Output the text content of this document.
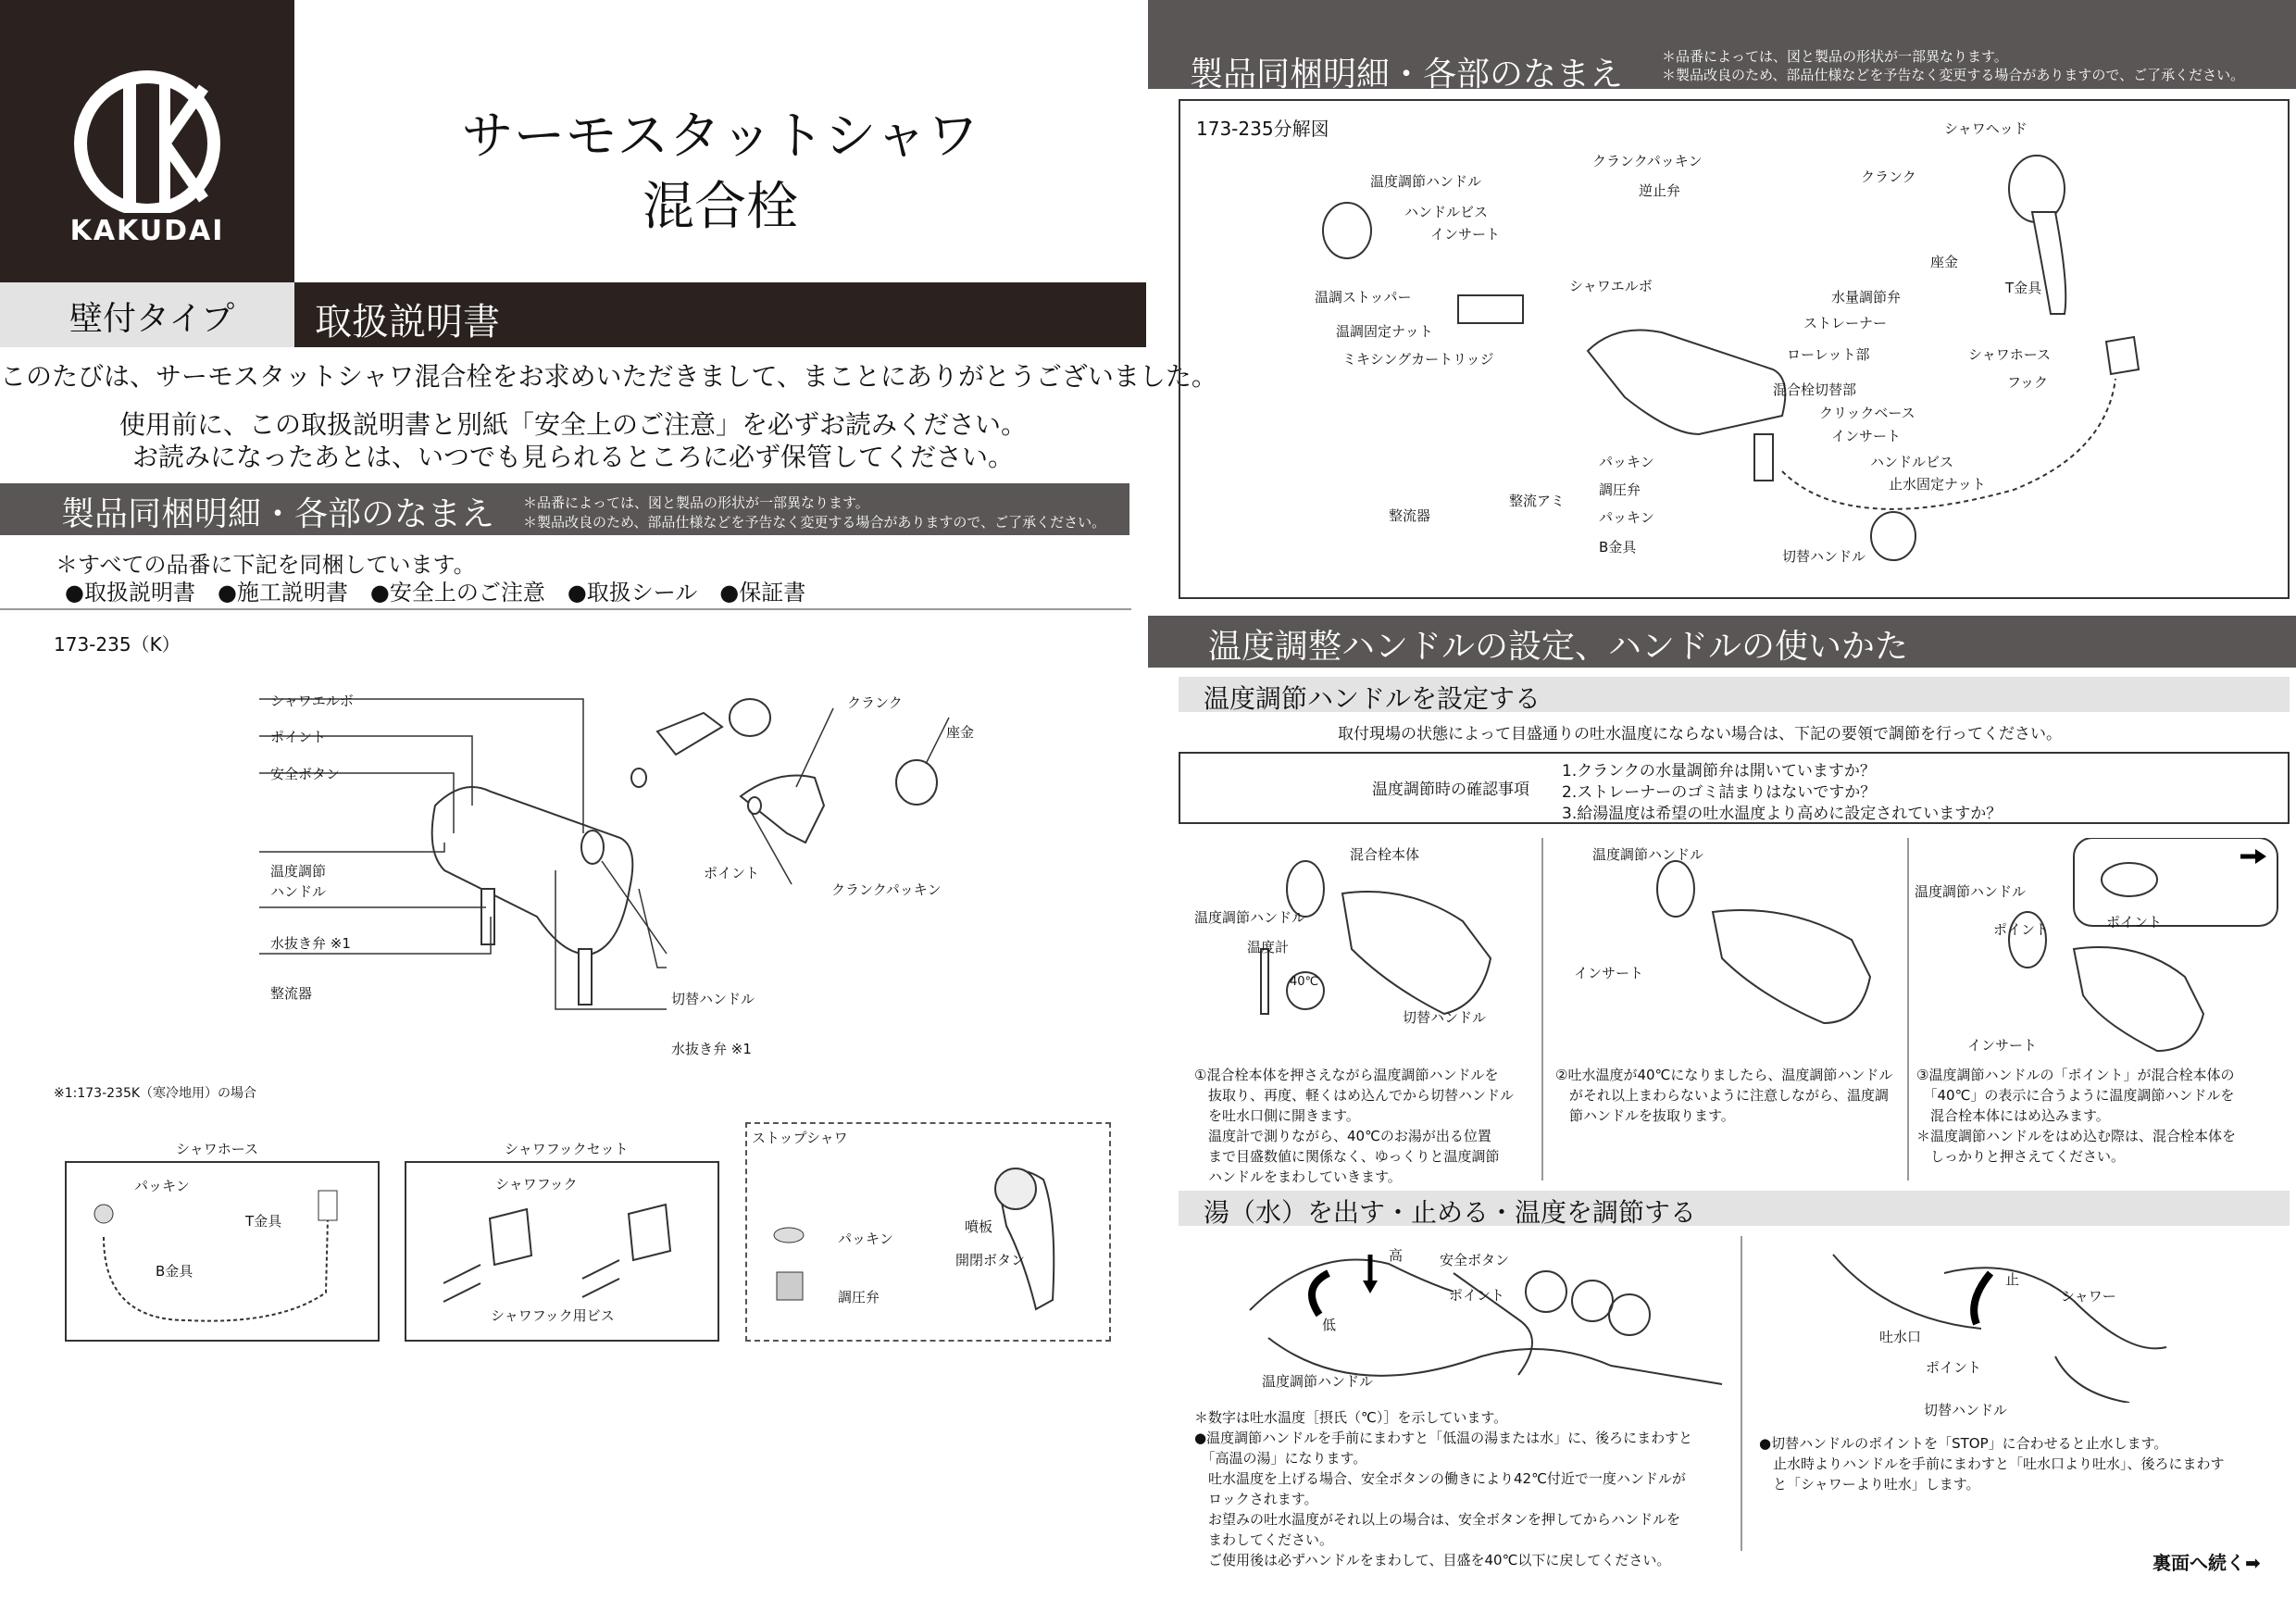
KAKUDAI
サーモスタットシャワ
混合栓
壁付タイプ 取扱説明書
このたびは、サーモスタットシャワ混合栓をお求めいただきまして、まことにありがとうございました。
使用前に、この取扱説明書と別紙「安全上のご注意」を必ずお読みください。
お読みになったあとは、いつでも見られるところに必ず保管してください。
製品同梱明細・各部のなまえ ＊品番によっては、図と製品の形状が一部異なります。
＊製品改良のため、部品仕様などを予告なく変更する場合がありますので、ご了承ください。
＊すべての品番に下記を同梱しています。
●取扱説明書　●施工説明書　●安全上のご注意　●取扱シール　●保証書
173-235（K）
シャワエルボ
ポイント
安全ボタン
温度調節
ハンドル
水抜き弁 ※1
整流器
クランク
座金
ポイント
クランクパッキン
切替ハンドル
水抜き弁 ※1
※1:173-235K（寒冷地用）の場合
シャワホース
パッキン
T金具
B金具
シャワフックセット
シャワフック
シャワフック用ビス
ストップシャワ
噴板
開閉ボタン
パッキン
調圧弁
製品同梱明細・各部のなまえ	＊品番によっては、図と製品の形状が一部異なります。
＊製品改良のため、部品仕様などを予告なく変更する場合がありますので、ご了承ください。
173-235分解図
温度調節ハンドル
ハンドルビス
インサート
温調ストッパー
温調固定ナット
ミキシングカートリッジ
クランクパッキン
逆止弁
シャワエルボ
クランク
座金
水量調節弁
ストレーナー
ローレット部
混合栓切替部
クリックベース
インサート
ハンドルビス
止水固定ナット
切替ハンドル
パッキン
調圧弁
パッキン
B金具
整流器
整流アミ
シャワヘッド
T金具
シャワホース
フック
温度調整ハンドルの設定、ハンドルの使いかた
温度調節ハンドルを設定する
取付現場の状態によって目盛通りの吐水温度にならない場合は、下記の要領で調節を行ってください。
温度調節時の確認事項
1.クランクの水量調節弁は開いていますか？
2.ストレーナーのゴミ詰まりはないですか？
3.給湯温度は希望の吐水温度より高めに設定されていますか？
混合栓本体
温度調節ハンドル
温度計
40℃
切替ハンドル
温度調節ハンドル
インサート
温度調節ハンドル
ポイント
インサート
ポイント
①混合栓本体を押さえながら温度調節ハンドルを
　抜取り、再度、軽くはめ込んでから切替ハンドル
　を吐水口側に開きます。
　温度計で測りながら、40℃のお湯が出る位置
　まで目盛数値に関係なく、ゆっくりと温度調節
　ハンドルをまわしていきます。
②吐水温度が40℃になりましたら、温度調節ハンドル
　がそれ以上まわらないように注意しながら、温度調
　節ハンドルを抜取ります。
③温度調節ハンドルの「ポイント」が混合栓本体の
　「40℃」の表示に合うように温度調節ハンドルを
　混合栓本体にはめ込みます。
＊温度調節ハンドルをはめ込む際は、混合栓本体を
　しっかりと押さえてください。
湯（水）を出す・止める・温度を調節する
高	安全ボタン
ポイント
低
温度調節ハンドル
止
シャワー
吐水口
ポイント
切替ハンドル
＊数字は吐水温度［摂氏（℃）］を示しています。
●温度調節ハンドルを手前にまわすと「低温の湯または水」に、後ろにまわすと
　「高温の湯」になります。
　吐水温度を上げる場合、安全ボタンの働きにより42℃付近で一度ハンドルが
　ロックされます。
　お望みの吐水温度がそれ以上の場合は、安全ボタンを押してからハンドルを
　まわしてください。
　ご使用後は必ずハンドルをまわして、目盛を40℃以下に戻してください。
●切替ハンドルのポイントを「STOP」に合わせると止水します。
　止水時よりハンドルを手前にまわすと「吐水口より吐水」、後ろにまわす
　と「シャワーより吐水」します。
裏面へ続く➡
